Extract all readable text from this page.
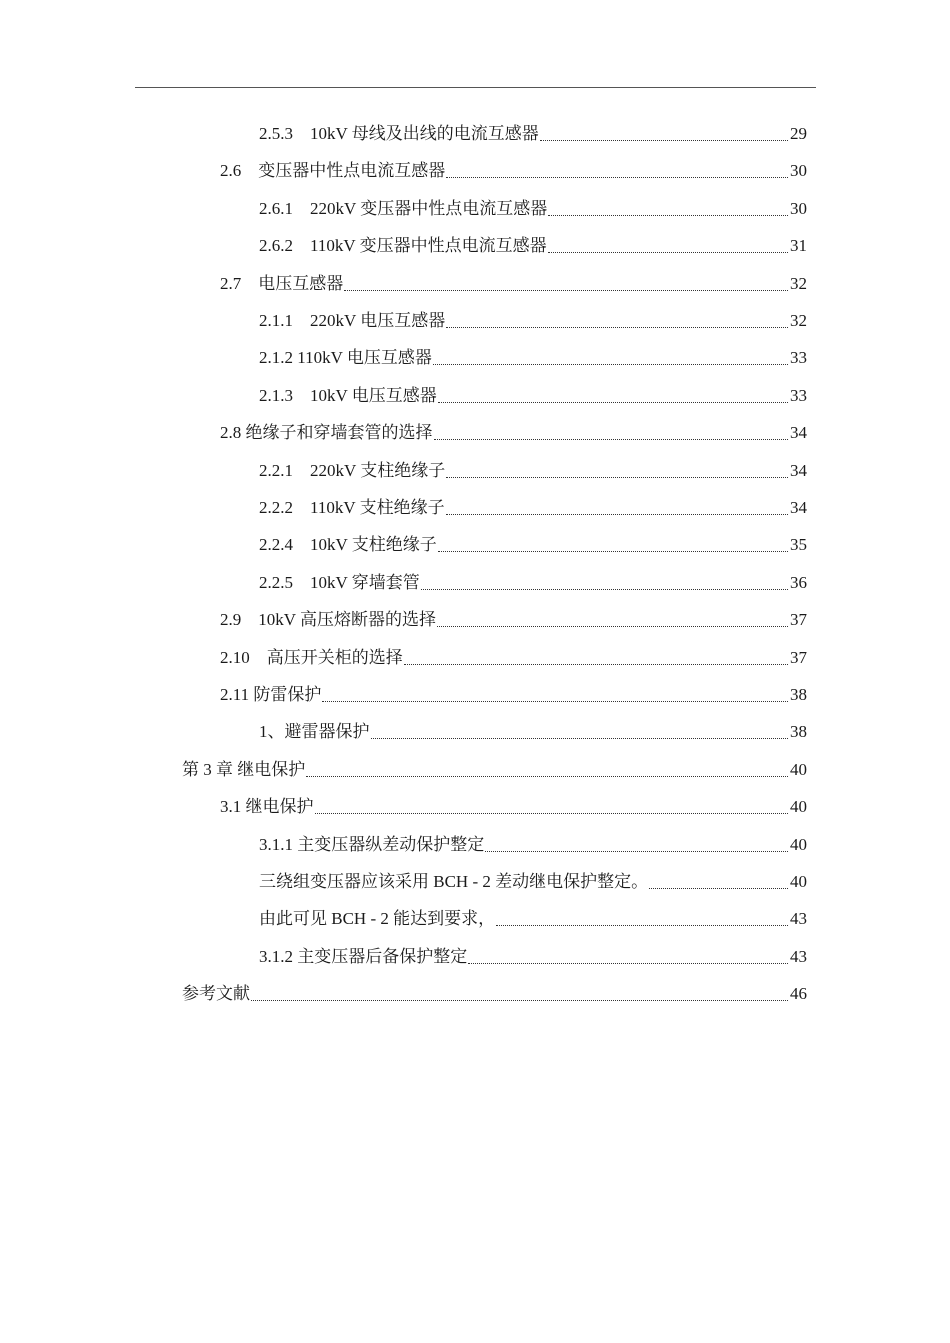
2.5.3　10kV 母线及出线的电流互感器	29
2.6　变压器中性点电流互感器	30
2.6.1　220kV 变压器中性点电流互感器	30
2.6.2　110kV 变压器中性点电流互感器	31
2.7　电压互感器	32
2.1.1　220kV 电压互感器	32
2.1.2 110kV 电压互感器	33
2.1.3　10kV 电压互感器	33
2.8 绝缘子和穿墙套管的选择	34
2.2.1　220kV 支柱绝缘子	34
2.2.2　110kV 支柱绝缘子	34
2.2.4　10kV 支柱绝缘子	35
2.2.5　10kV 穿墙套管	36
2.9　10kV 高压熔断器的选择	37
2.10　高压开关柜的选择	37
2.11 防雷保护	38
1、避雷器保护	38
第 3 章 继电保护	40
3.1 继电保护	40
3.1.1 主变压器纵差动保护整定	40
三绕组变压器应该采用 BCH - 2 差动继电保护整定。	40
由此可见 BCH - 2 能达到要求，	43
3.1.2 主变压器后备保护整定	43
参考文献	46
